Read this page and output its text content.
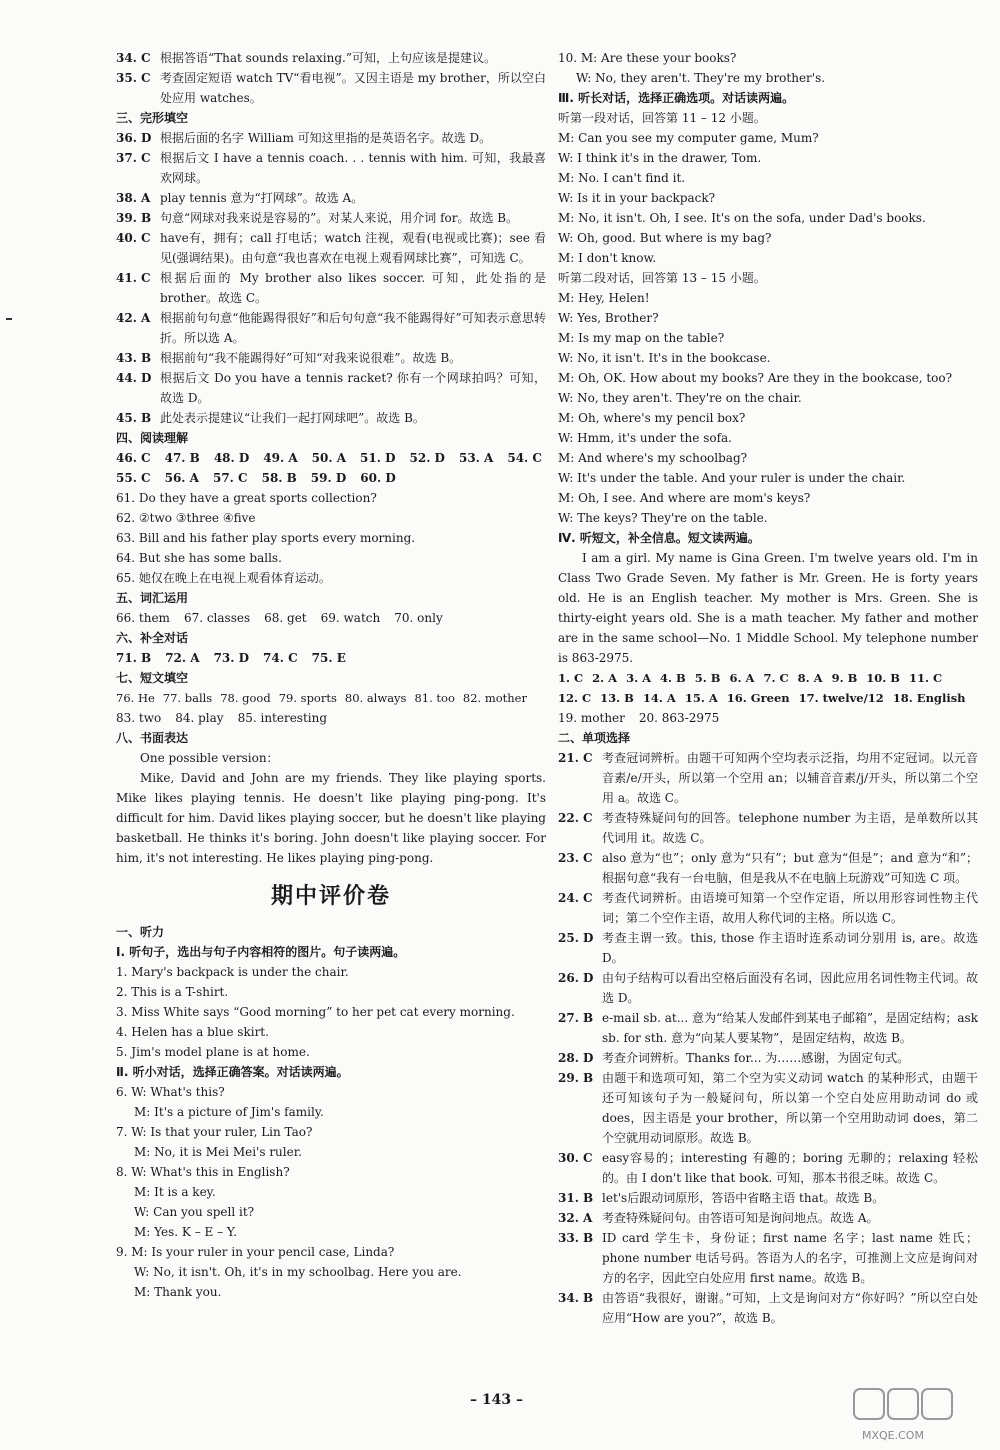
34. C 根据答语“That sounds relaxing.”可知，上句应该是提建议。
35. C 考查固定短语 watch TV“看电视”。又因主语是 my brother，所以空白处应用 watches。
三、完形填空
36. D 根据后面的名字 William 可知这里指的是英语名字。故选 D。
37. C 根据后文 I have a tennis coach. . . tennis with him. 可知，我最喜欢网球。
38. A play tennis 意为“打网球”。故选 A。
39. B 句意“网球对我来说是容易的”。对某人来说，用介词 for。故选 B。
40. C have有，拥有；call 打电话；watch 注视，观看(电视或比赛)；see 看见(强调结果)。由句意“我也喜欢在电视上观看网球比赛”，可知选 C。
41. C 根据后面的 My brother also likes soccer. 可知，此处指的是 brother。故选 C。
42. A 根据前句句意“他能踢得很好”和后句句意“我不能踢得好”可知表示意思转折。所以选 A。
43. B 根据前句“我不能踢得好”可知“对我来说很难”。故选 B。
44. D 根据后文 Do you have a tennis racket? 你有一个网球拍吗？可知，故选 D。
45. B 此处表示提建议“让我们一起打网球吧”。故选 B。
四、阅读理解
46. C 47. B 48. D 49. A 50. A 51. D 52. D 53. A 54. C
55. C 56. A 57. C 58. B 59. D 60. D
61. Do they have a great sports collection?
62. ②two ③three ④five
63. Bill and his father play sports every morning.
64. But she has some balls.
65. 她仅在晚上在电视上观看体育运动。
五、词汇运用
66. them 67. classes 68. get 69. watch 70. only
六、补全对话
71. B 72. A 73. D 74. C 75. E
七、短文填空
76. He 77. balls 78. good 79. sports 80. always 81. too 82. mother
83. two 84. play 85. interesting
八、书面表达
One possible version：
Mike, David and John are my friends. They like playing sports. Mike likes playing tennis. He doesn't like playing ping-pong. It's difficult for him. David likes playing soccer, but he doesn't like playing basketball. He thinks it's boring. John doesn't like playing soccer. For him, it's not interesting. He likes playing ping-pong.
期中评价卷
一、听力
Ⅰ. 听句子，选出与句子内容相符的图片。句子读两遍。
1. Mary's backpack is under the chair.
2. This is a T-shirt.
3. Miss White says “Good morning” to her pet cat every morning.
4. Helen has a blue skirt.
5. Jim's model plane is at home.
Ⅱ. 听小对话，选择正确答案。对话读两遍。
6. W: What's this?
M: It's a picture of Jim's family.
7. W: Is that your ruler, Lin Tao?
M: No, it is Mei Mei's ruler.
8. W: What's this in English?
M: It is a key.
W: Can you spell it?
M: Yes. K – E – Y.
9. M: Is your ruler in your pencil case, Linda?
W: No, it isn't. Oh, it's in my schoolbag. Here you are.
M: Thank you.
10. M: Are these your books?
W: No, they aren't. They're my brother's.
Ⅲ. 听长对话，选择正确选项。对话读两遍。
听第一段对话，回答第 11 – 12 小题。
M: Can you see my computer game, Mum?
W: I think it's in the drawer, Tom.
M: No. I can't find it.
W: Is it in your backpack?
M: No, it isn't. Oh, I see. It's on the sofa, under Dad's books.
W: Oh, good. But where is my bag?
M: I don't know.
听第二段对话，回答第 13 – 15 小题。
M: Hey, Helen!
W: Yes, Brother?
M: Is my map on the table?
W: No, it isn't. It's in the bookcase.
M: Oh, OK. How about my books? Are they in the bookcase, too?
W: No, they aren't. They're on the chair.
M: Oh, where's my pencil box?
W: Hmm, it's under the sofa.
M: And where's my schoolbag?
W: It's under the table. And your ruler is under the chair.
M: Oh, I see. And where are mom's keys?
W: The keys? They're on the table.
Ⅳ. 听短文，补全信息。短文读两遍。
I am a girl. My name is Gina Green. I'm twelve years old. I'm in Class Two Grade Seven. My father is Mr. Green. He is forty years old. He is an English teacher. My mother is Mrs. Green. She is thirty-eight years old. She is a math teacher. My father and mother are in the same school—No. 1 Middle School. My telephone number is 863-2975.
1. C 2. A 3. A 4. B 5. B 6. A 7. C 8. A 9. B 10. B 11. C
12. C 13. B 14. A 15. A 16. Green 17. twelve/12 18. English
19. mother 20. 863-2975
二、单项选择
21. C 考查冠词辨析。由题干可知两个空均表示泛指，均用不定冠词。以元音音素/e/开头，所以第一个空用 an；以辅音音素/j/开头，所以第二个空用 a。故选 C。
22. C 考查特殊疑问句的回答。telephone number 为主语，是单数所以其代词用 it。故选 C。
23. C also 意为“也”；only 意为“只有”；but 意为“但是”；and 意为“和”；根据句意“我有一台电脑，但是我从不在电脑上玩游戏”可知选 C 项。
24. C 考查代词辨析。由语境可知第一个空作定语，所以用形容词性物主代词；第二个空作主语，故用人称代词的主格。所以选 C。
25. D 考查主谓一致。this, those 作主语时连系动词分别用 is, are。故选 D。
26. D 由句子结构可以看出空格后面没有名词，因此应用名词性物主代词。故选 D。
27. B e-mail sb. at... 意为“给某人发邮件到某电子邮箱”，是固定结构；ask sb. for sth. 意为“向某人要某物”，是固定结构，故选 B。
28. D 考查介词辨析。Thanks for... 为……感谢，为固定句式。
29. B 由题干和选项可知，第二个空为实义动词 watch 的某种形式，由题干还可知该句子为一般疑问句，所以第一个空白处应用助动词 do 或 does，因主语是 your brother，所以第一个空用助动词 does，第二个空就用动词原形。故选 B。
30. C easy容易的；interesting 有趣的；boring 无聊的；relaxing 轻松的。由 I don't like that book. 可知，那本书很乏味。故选 C。
31. B let's后跟动词原形，答语中省略主语 that。故选 B。
32. A 考查特殊疑问句。由答语可知是询问地点。故选 A。
33. B ID card 学生卡，身份证；first name 名字；last name 姓氏；phone number 电话号码。答语为人的名字，可推测上文应是询问对方的名字，因此空白处应用 first name。故选 B。
34. B 由答语“我很好，谢谢。”可知，上文是询问对方“你好吗？”所以空白处应用“How are you?”，故选 B。
– 143 –
MXQE.COM
